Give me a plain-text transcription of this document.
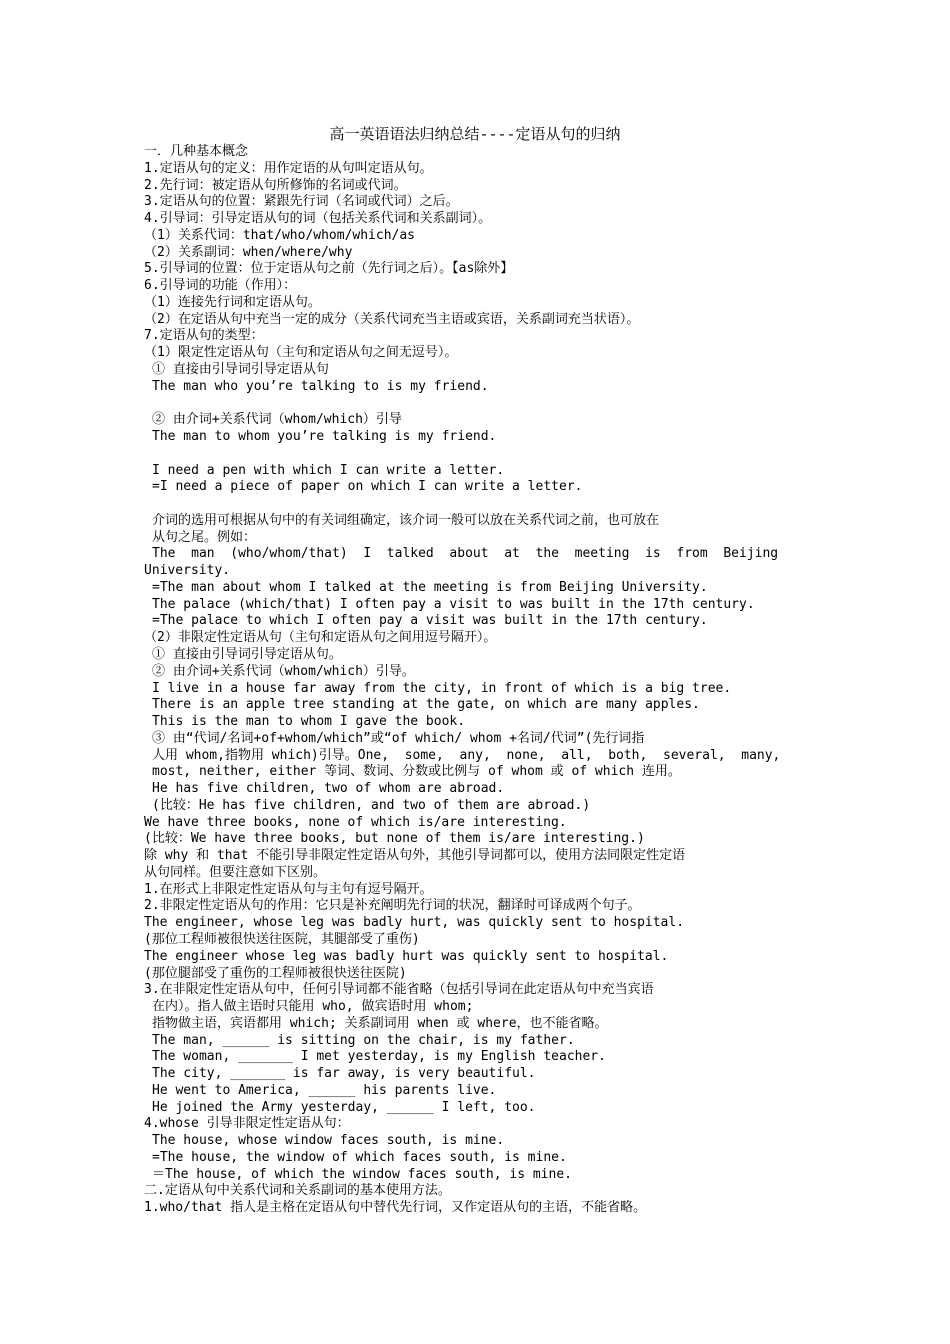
高一英语语法归纳总结----定语从句的归纳
一．几种基本概念
1.定语从句的定义：用作定语的从句叫定语从句。
2.先行词：被定语从句所修饰的名词或代词。
3.定语从句的位置：紧跟先行词（名词或代词）之后。
4.引导词：引导定语从句的词（包括关系代词和关系副词）。
（1）关系代词：that/who/whom/which/as
（2）关系副词：when/where/why
5.引导词的位置：位于定语从句之前（先行词之后）。【as除外】
6.引导词的功能（作用）：
（1）连接先行词和定语从句。
（2）在定语从句中充当一定的成分（关系代词充当主语或宾语，关系副词充当状语）。
7.定语从句的类型：
（1）限定性定语从句（主句和定语从句之间无逗号）。
① 直接由引导词引导定语从句
The man who you’re talking to is my friend.
② 由介词+关系代词（whom/which）引导
The man to whom you’re talking is my friend.
I need a pen with which I can write a letter.
=I need a piece of paper on which I can write a letter.
介词的选用可根据从句中的有关词组确定，该介词一般可以放在关系代词之前，也可放在
从句之尾。例如：
The  man  (who/whom/that)  I  talked  about  at  the  meeting  is  from  Beijing
University.
=The man about whom I talked at the meeting is from Beijing University.
The palace (which/that) I often pay a visit to was built in the 17th century.
=The palace to which I often pay a visit was built in the 17th century.
（2）非限定性定语从句（主句和定语从句之间用逗号隔开）。
① 直接由引导词引导定语从句。
② 由介词+关系代词（whom/which）引导。
I live in a house far away from the city, in front of which is a big tree.
There is an apple tree standing at the gate, on which are many apples.
This is the man to whom I gave the book.
③ 由“代词/名词+of+whom/which”或“of which/ whom +名词/代词”(先行词指
人用 whom,指物用 which)引导。One,  some,  any,  none,  all,  both,  several,  many,
most, neither, either 等词、数词、分数或比例与 of whom 或 of which 连用。
He has five children, two of whom are abroad.
(比较：He has five children, and two of them are abroad.)
We have three books, none of which is/are interesting.
(比较：We have three books, but none of them is/are interesting.)
除 why 和 that 不能引导非限定性定语从句外，其他引导词都可以，使用方法同限定性定语
从句同样。但要注意如下区别。
1.在形式上非限定性定语从句与主句有逗号隔开。
2.非限定性定语从句的作用：它只是补充阐明先行词的状况，翻译时可译成两个句子。
The engineer, whose leg was badly hurt, was quickly sent to hospital.
(那位工程师被很快送往医院，其腿部受了重伤)
The engineer whose leg was badly hurt was quickly sent to hospital.
(那位腿部受了重伤的工程师被很快送往医院)
3.在非限定性定语从句中，任何引导词都不能省略（包括引导词在此定语从句中充当宾语
在内）。指人做主语时只能用 who, 做宾语时用 whom;
指物做主语，宾语都用 which; 关系副词用 when 或 where，也不能省略。
The man, ______ is sitting on the chair, is my father.
The woman, _______ I met yesterday, is my English teacher.
The city, _______ is far away, is very beautiful.
He went to America, ______ his parents live.
He joined the Army yesterday, ______ I left, too.
4.whose 引导非限定性定语从句：
The house, whose window faces south, is mine.
=The house, the window of which faces south, is mine.
＝The house, of which the window faces south, is mine.
二.定语从句中关系代词和关系副词的基本使用方法。
1.who/that 指人是主格在定语从句中替代先行词，又作定语从句的主语，不能省略。
